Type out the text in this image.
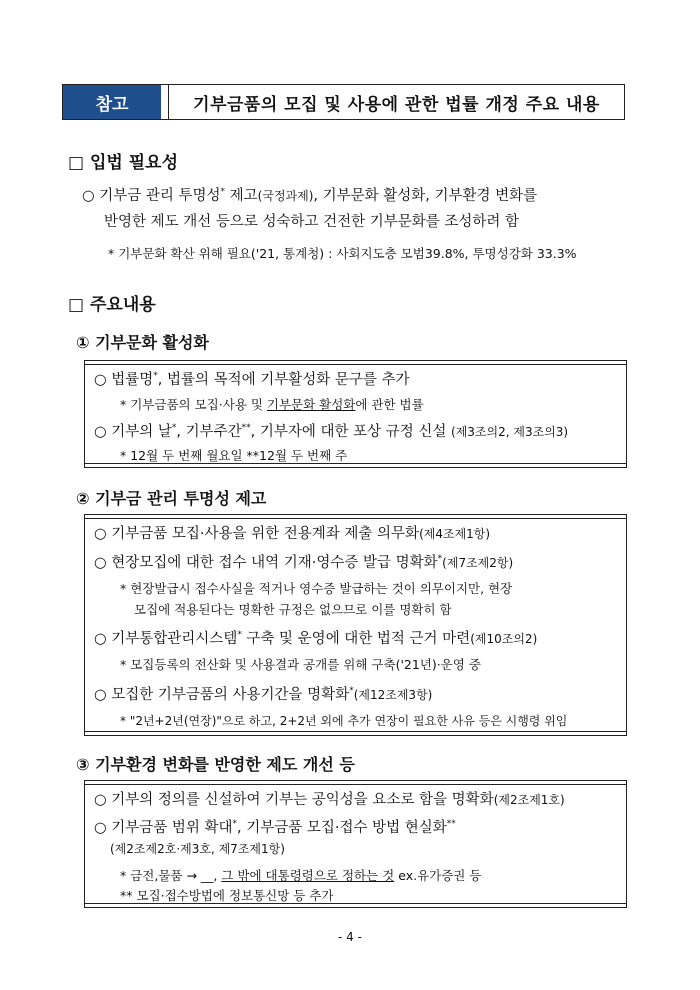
참고	기부금품의 모집 및 사용에 관한 법률 개정 주요 내용
□ 입법 필요성
○ 기부금 관리 투명성* 제고(국정과제), 기부문화 활성화, 기부환경 변화를
반영한 제도 개선 등으로 성숙하고 건전한 기부문화를 조성하려 함
* 기부문화 확산 위해 필요('21, 통계청) : 사회지도층 모범39.8%, 투명성강화 33.3%
□ 주요내용
① 기부문화 활성화
○ 법률명*, 법률의 목적에 기부활성화 문구를 추가
* 기부금품의 모집·사용 및 기부문화 활성화에 관한 법률
○ 기부의 날*, 기부주간**, 기부자에 대한 포상 규정 신설 (제3조의2, 제3조의3)
* 12월 두 번째 월요일 **12월 두 번째 주
② 기부금 관리 투명성 제고
○ 기부금품 모집·사용을 위한 전용계좌 제출 의무화(제4조제1항)
○ 현장모집에 대한 접수 내역 기재·영수증 발급 명확화*(제7조제2항)
* 현장발급시 접수사실을 적거나 영수증 발급하는 것이 의무이지만, 현장
모집에 적용된다는 명확한 규정은 없으므로 이를 명확히 함
○ 기부통합관리시스템* 구축 및 운영에 대한 법적 근거 마련(제10조의2)
* 모집등록의 전산화 및 사용결과 공개를 위해 구축('21년)·운영 중
○ 모집한 기부금품의 사용기간을 명확화*(제12조제3항)
* "2년+2년(연장)"으로 하고, 2+2년 외에 추가 연장이 필요한 사유 등은 시행령 위임
③ 기부환경 변화를 반영한 제도 개선 등
○ 기부의 정의를 신설하여 기부는 공익성을 요소로 함을 명확화(제2조제1호)
○ 기부금품 범위 확대*, 기부금품 모집·접수 방법 현실화**
(제2조제2호·제3호, 제7조제1항)
* 금전,물품 → __, 그 밖에 대통령령으로 정하는 것 ex.유가증권 등
** 모집·접수방법에 정보통신망 등 추가
- 4 -
